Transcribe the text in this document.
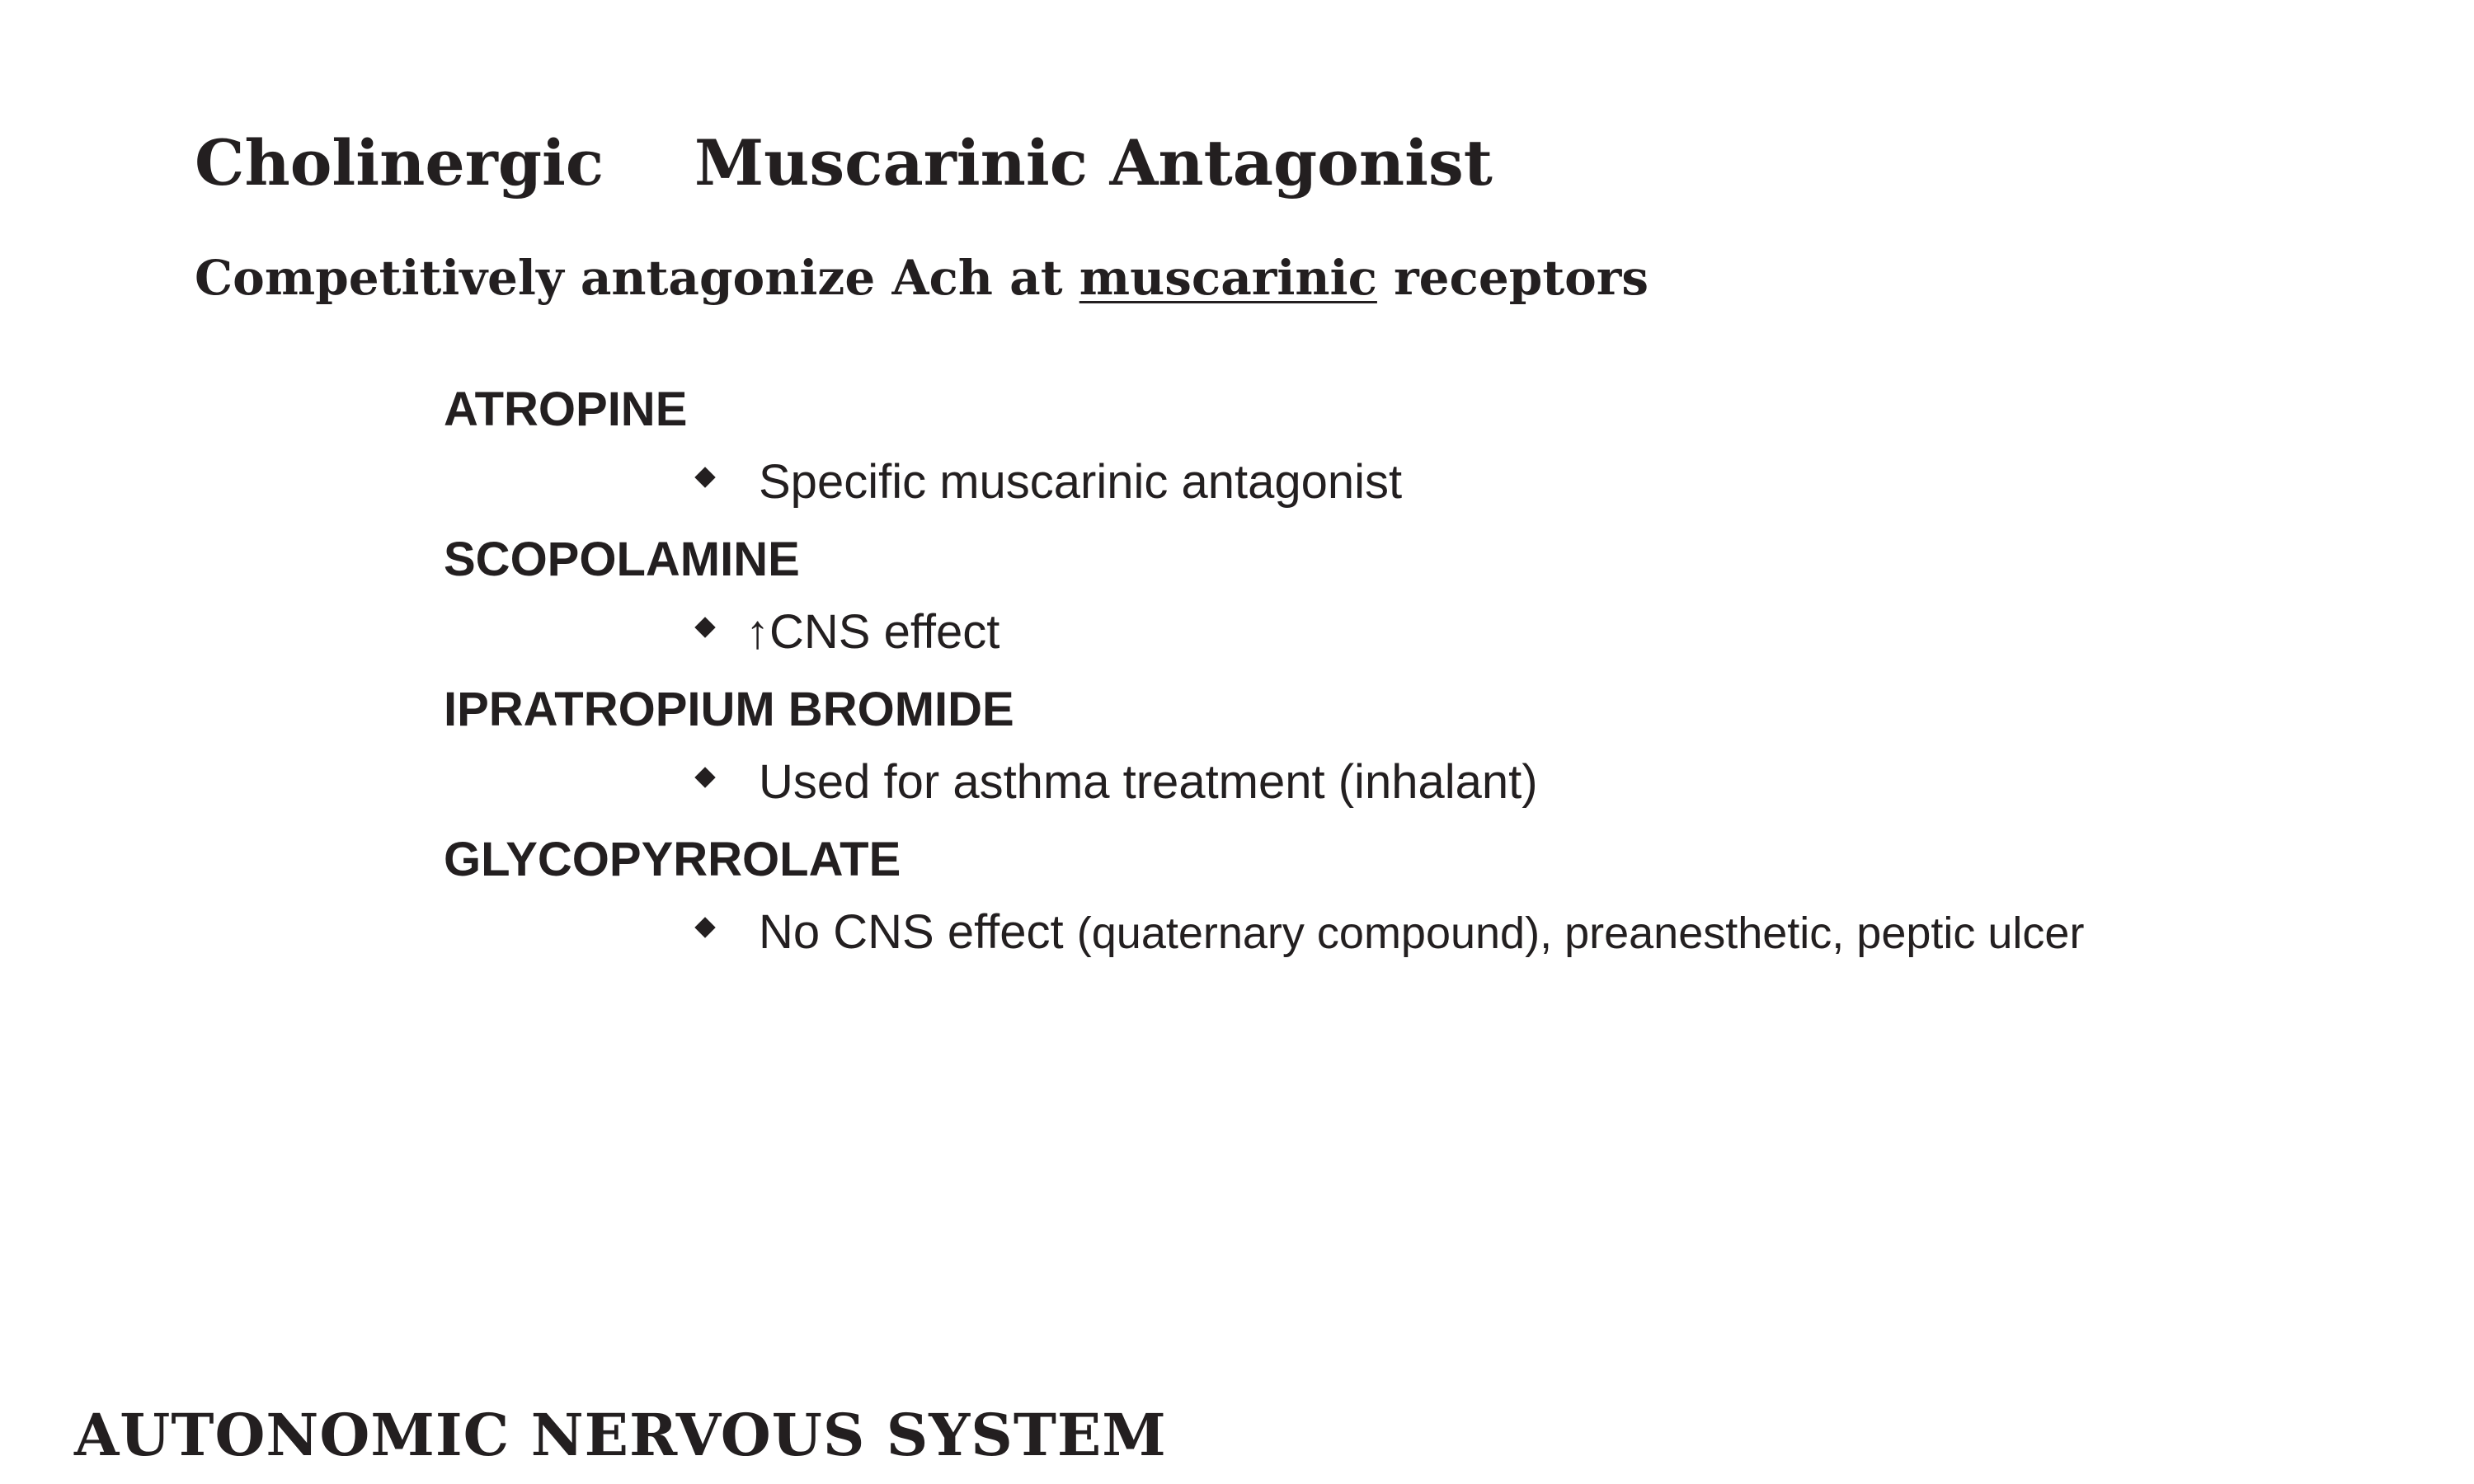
Cholinergic Muscarinic Antagonist
Competitively antagonize Ach at muscarinic receptors
ATROPINE
Specific muscarinic antagonist
SCOPOLAMINE
↑CNS effect
IPRATROPIUM BROMIDE
Used for asthma treatment (inhalant)
GLYCOPYRROLATE
No CNS effect (quaternary compound), preanesthetic, peptic ulcer
AUTONOMIC NERVOUS SYSTEM
